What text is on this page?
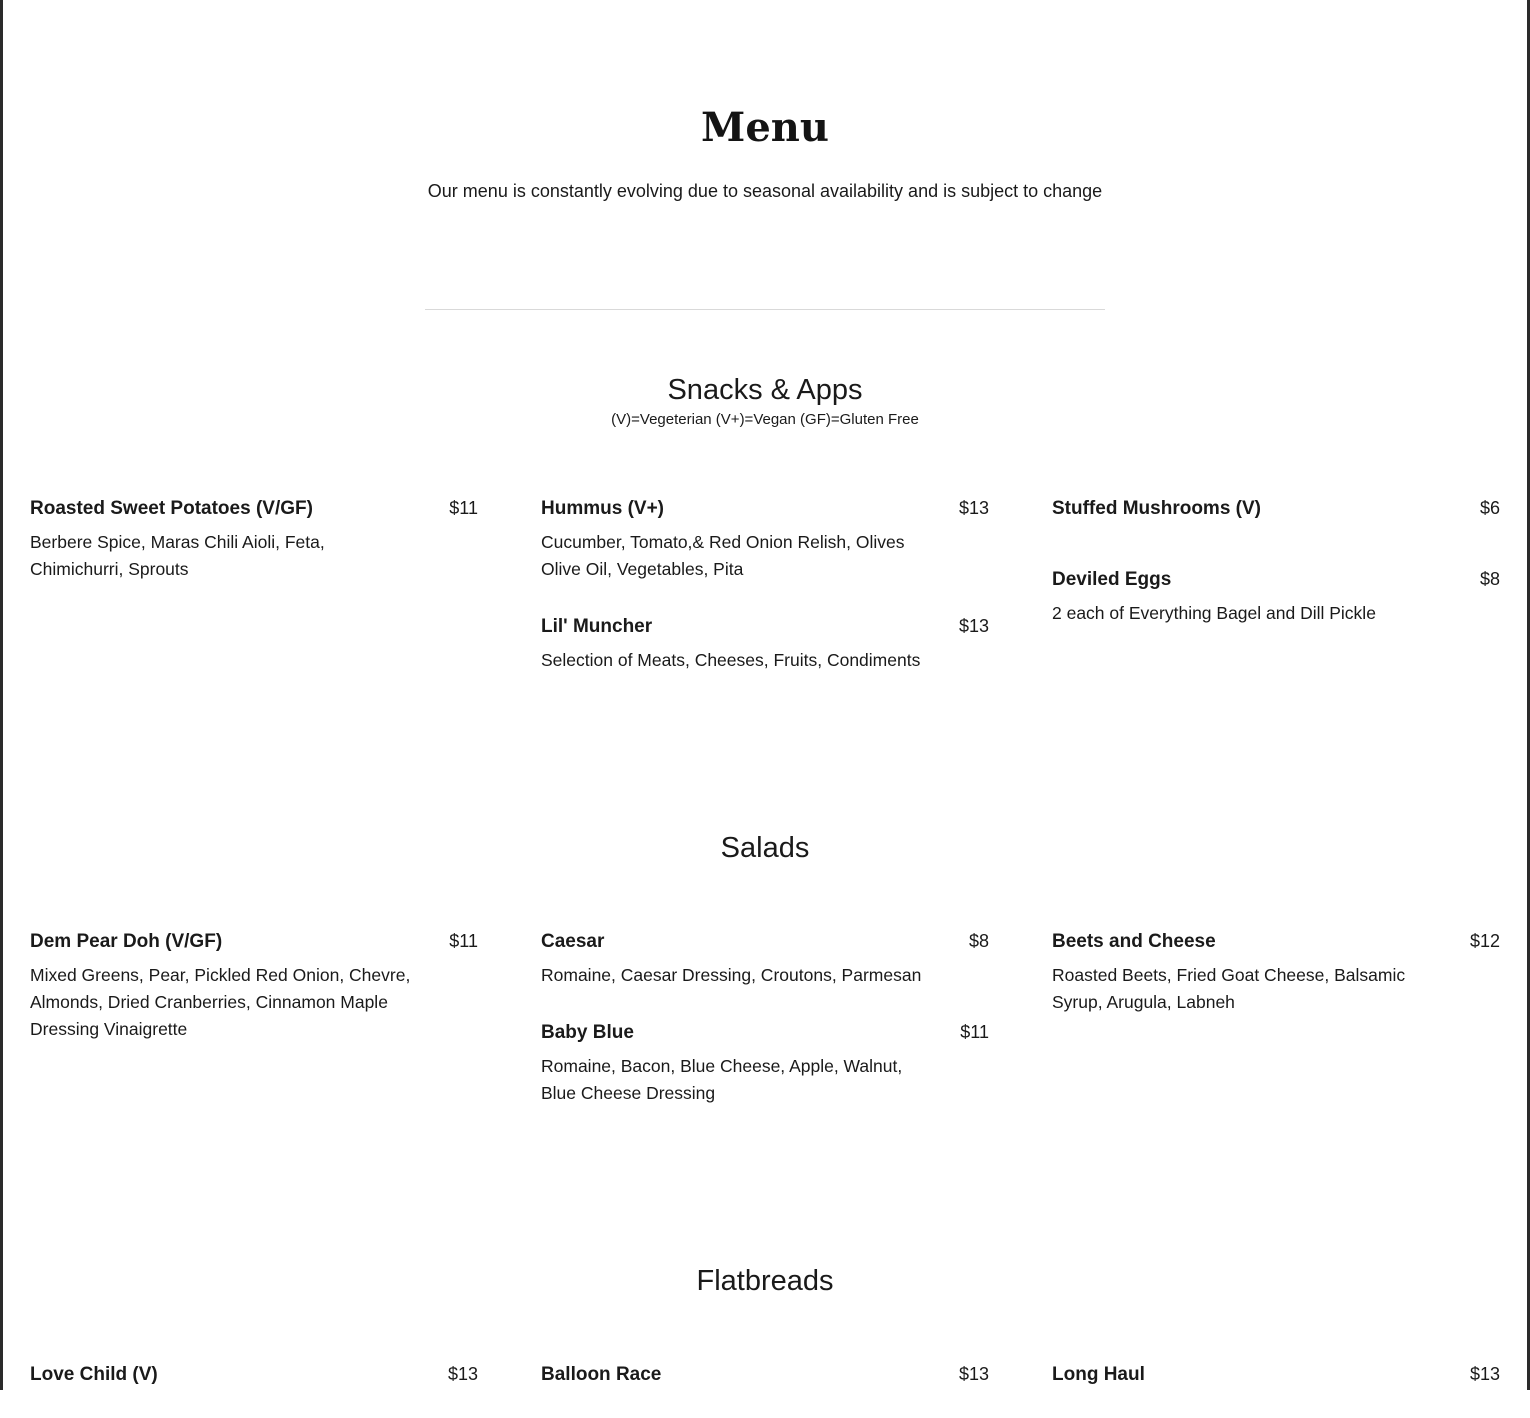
Menu
Our menu is constantly evolving due to seasonal availability and is subject to change
Snacks & Apps
(V)=Vegeterian (V+)=Vegan (GF)=Gluten Free
Roasted Sweet Potatoes (V/GF)	$11
Berbere Spice, Maras Chili Aioli, Feta, Chimichurri, Sprouts
Hummus (V+)	$13
Cucumber, Tomato,& Red Onion Relish, Olives Olive Oil, Vegetables, Pita
Lil' Muncher	$13
Selection of Meats, Cheeses, Fruits, Condiments
Stuffed Mushrooms (V)	$6
Deviled Eggs	$8
2 each of Everything Bagel and Dill Pickle
Salads
Dem Pear Doh (V/GF)	$11
Mixed Greens, Pear, Pickled Red Onion, Chevre, Almonds, Dried Cranberries, Cinnamon Maple Dressing Vinaigrette
Caesar	$8
Romaine, Caesar Dressing, Croutons, Parmesan
Baby Blue	$11
Romaine, Bacon, Blue Cheese, Apple, Walnut, Blue Cheese Dressing
Beets and Cheese	$12
Roasted Beets, Fried Goat Cheese, Balsamic Syrup, Arugula, Labneh
Flatbreads
Love Child (V)	$13	Balloon Race	$13	Long Haul	$13
